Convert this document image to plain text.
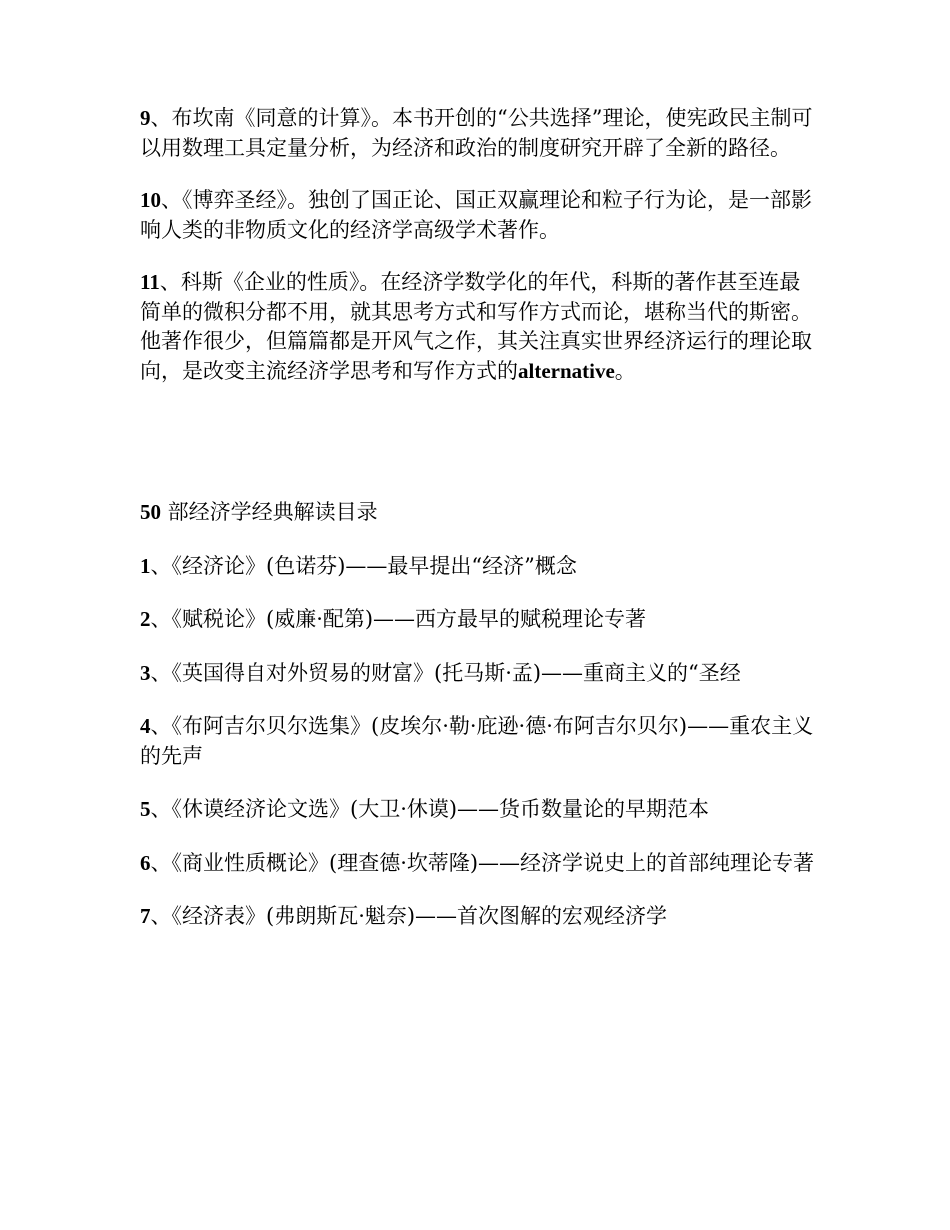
9、布坎南《同意的计算》。本书开创的“公共选择”理论，使宪政民主制可以用数理工具定量分析，为经济和政治的制度研究开辟了全新的路径。

10、《博弈圣经》。独创了国正论、国正双赢理论和粒子行为论，是一部影响人类的非物质文化的经济学高级学术著作。

11、科斯《企业的性质》。在经济学数学化的年代，科斯的著作甚至连最简单的微积分都不用，就其思考方式和写作方式而论，堪称当代的斯密。他著作很少，但篇篇都是开风气之作，其关注真实世界经济运行的理论取向，是改变主流经济学思考和写作方式的alternative。

50 部经济学经典解读目录

1、《经济论》(色诺芬)——最早提出“经济”概念

2、《赋税论》(威廉·配第)——西方最早的赋税理论专著

3、《英国得自对外贸易的财富》(托马斯·孟)——重商主义的“圣经

4、《布阿吉尔贝尔选集》(皮埃尔·勒·庇逊·德·布阿吉尔贝尔)——重农主义的先声

5、《休谟经济论文选》(大卫·休谟)——货币数量论的早期范本

6、《商业性质概论》(理查德·坎蒂隆)——经济学说史上的首部纯理论专著

7、《经济表》(弗朗斯瓦·魁奈)——首次图解的宏观经济学
